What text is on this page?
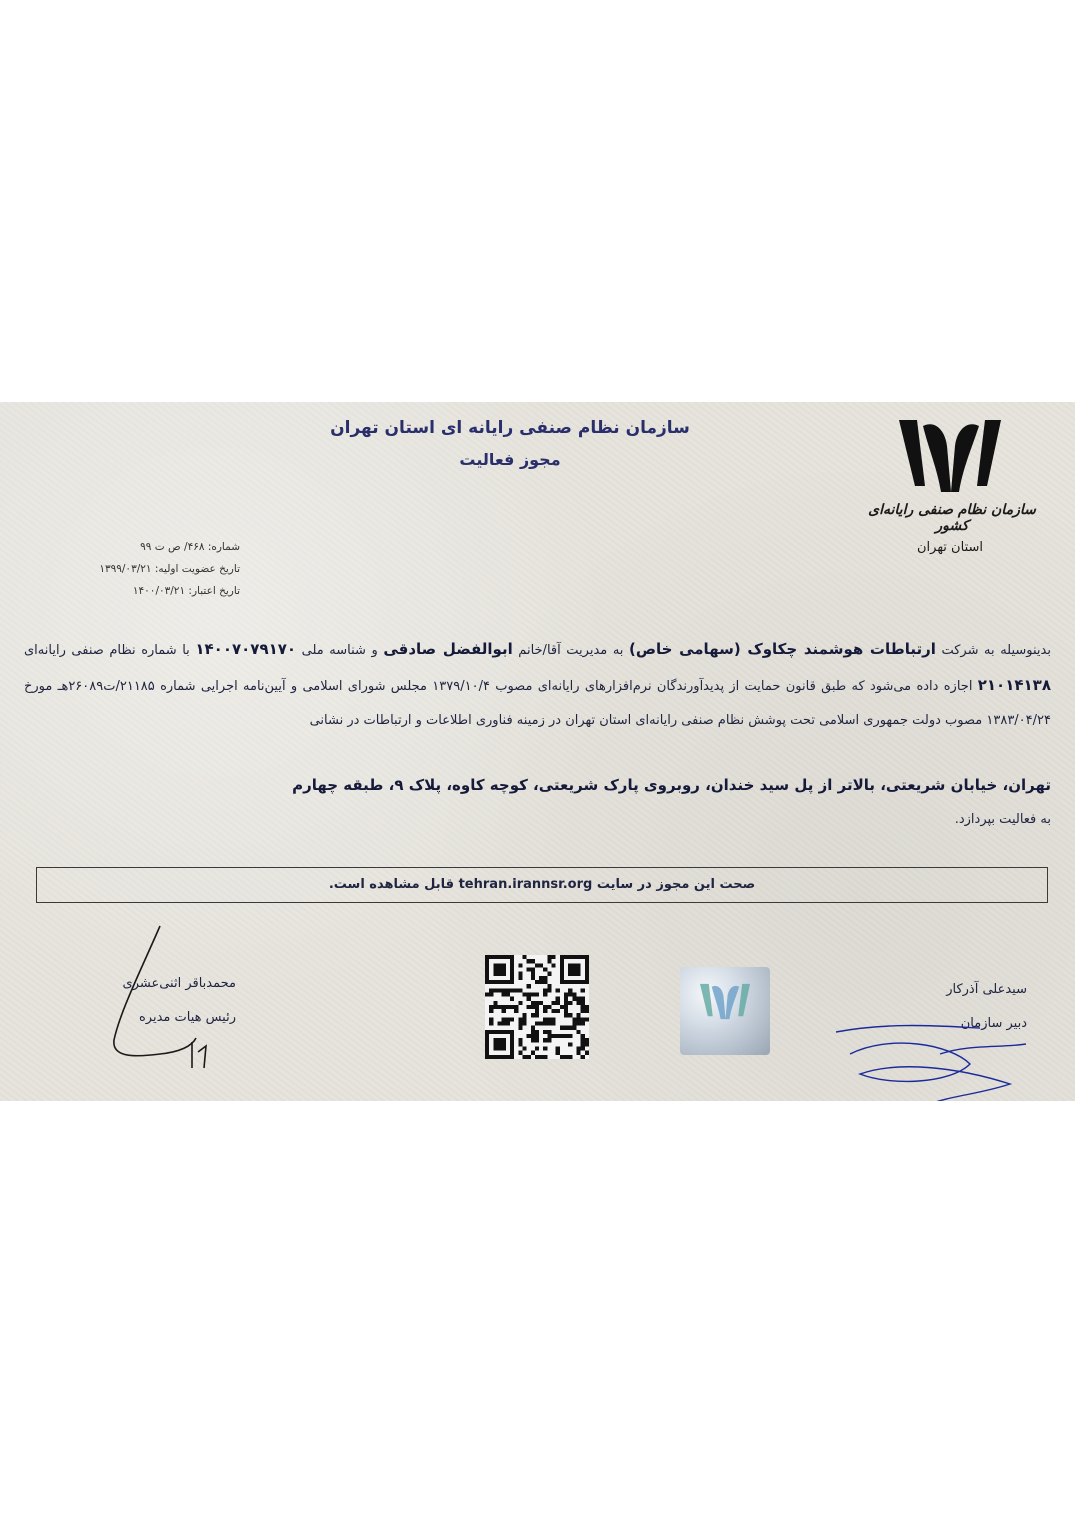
سازمان نظام صنفی رایانه ای استان تهران
مجوز فعالیت
سازمان نظام صنفی رایانه‌ای کشور
استان تهران
شماره: ۴۶۸/ ص ت ۹۹
تاریخ عضویت اولیه: ۱۳۹۹/۰۳/۲۱
تاریخ اعتبار: ۱۴۰۰/۰۳/۲۱
بدینوسیله به شرکت ارتباطات هوشمند چکاوک (سهامی خاص) به مدیریت آقا/خانم ابوالفضل صادقی و شناسه ملی ۱۴۰۰۷۰۷۹۱۷۰ با شماره نظام صنفی رایانه‌ای ۲۱۰۱۴۱۳۸ اجازه داده می‌شود که طبق قانون حمایت از پدیدآورندگان نرم‌افزارهای رایانه‌ای مصوب ۱۳۷۹/۱۰/۴ مجلس شورای اسلامی و آیین‌نامه اجرایی شماره ۲۱۱۸۵/ت۲۶۰۸۹هـ مورخ ۱۳۸۳/۰۴/۲۴ مصوب دولت جمهوری اسلامی تحت پوشش نظام صنفی رایانه‌ای استان تهران در زمینه فناوری اطلاعات و ارتباطات در نشانی
تهران، خیابان شریعتی، بالاتر از پل سید خندان، روبروی پارک شریعتی، کوچه کاوه، پلاک ۹، طبقه چهارم
به فعالیت بپردازد.
صحت این مجوز در سایت tehran.irannsr.org قابل مشاهده است.
محمدباقر اثنی‌عشری
رئیس هیات مدیره
سیدعلی آذرکار
دبیر سازمان
